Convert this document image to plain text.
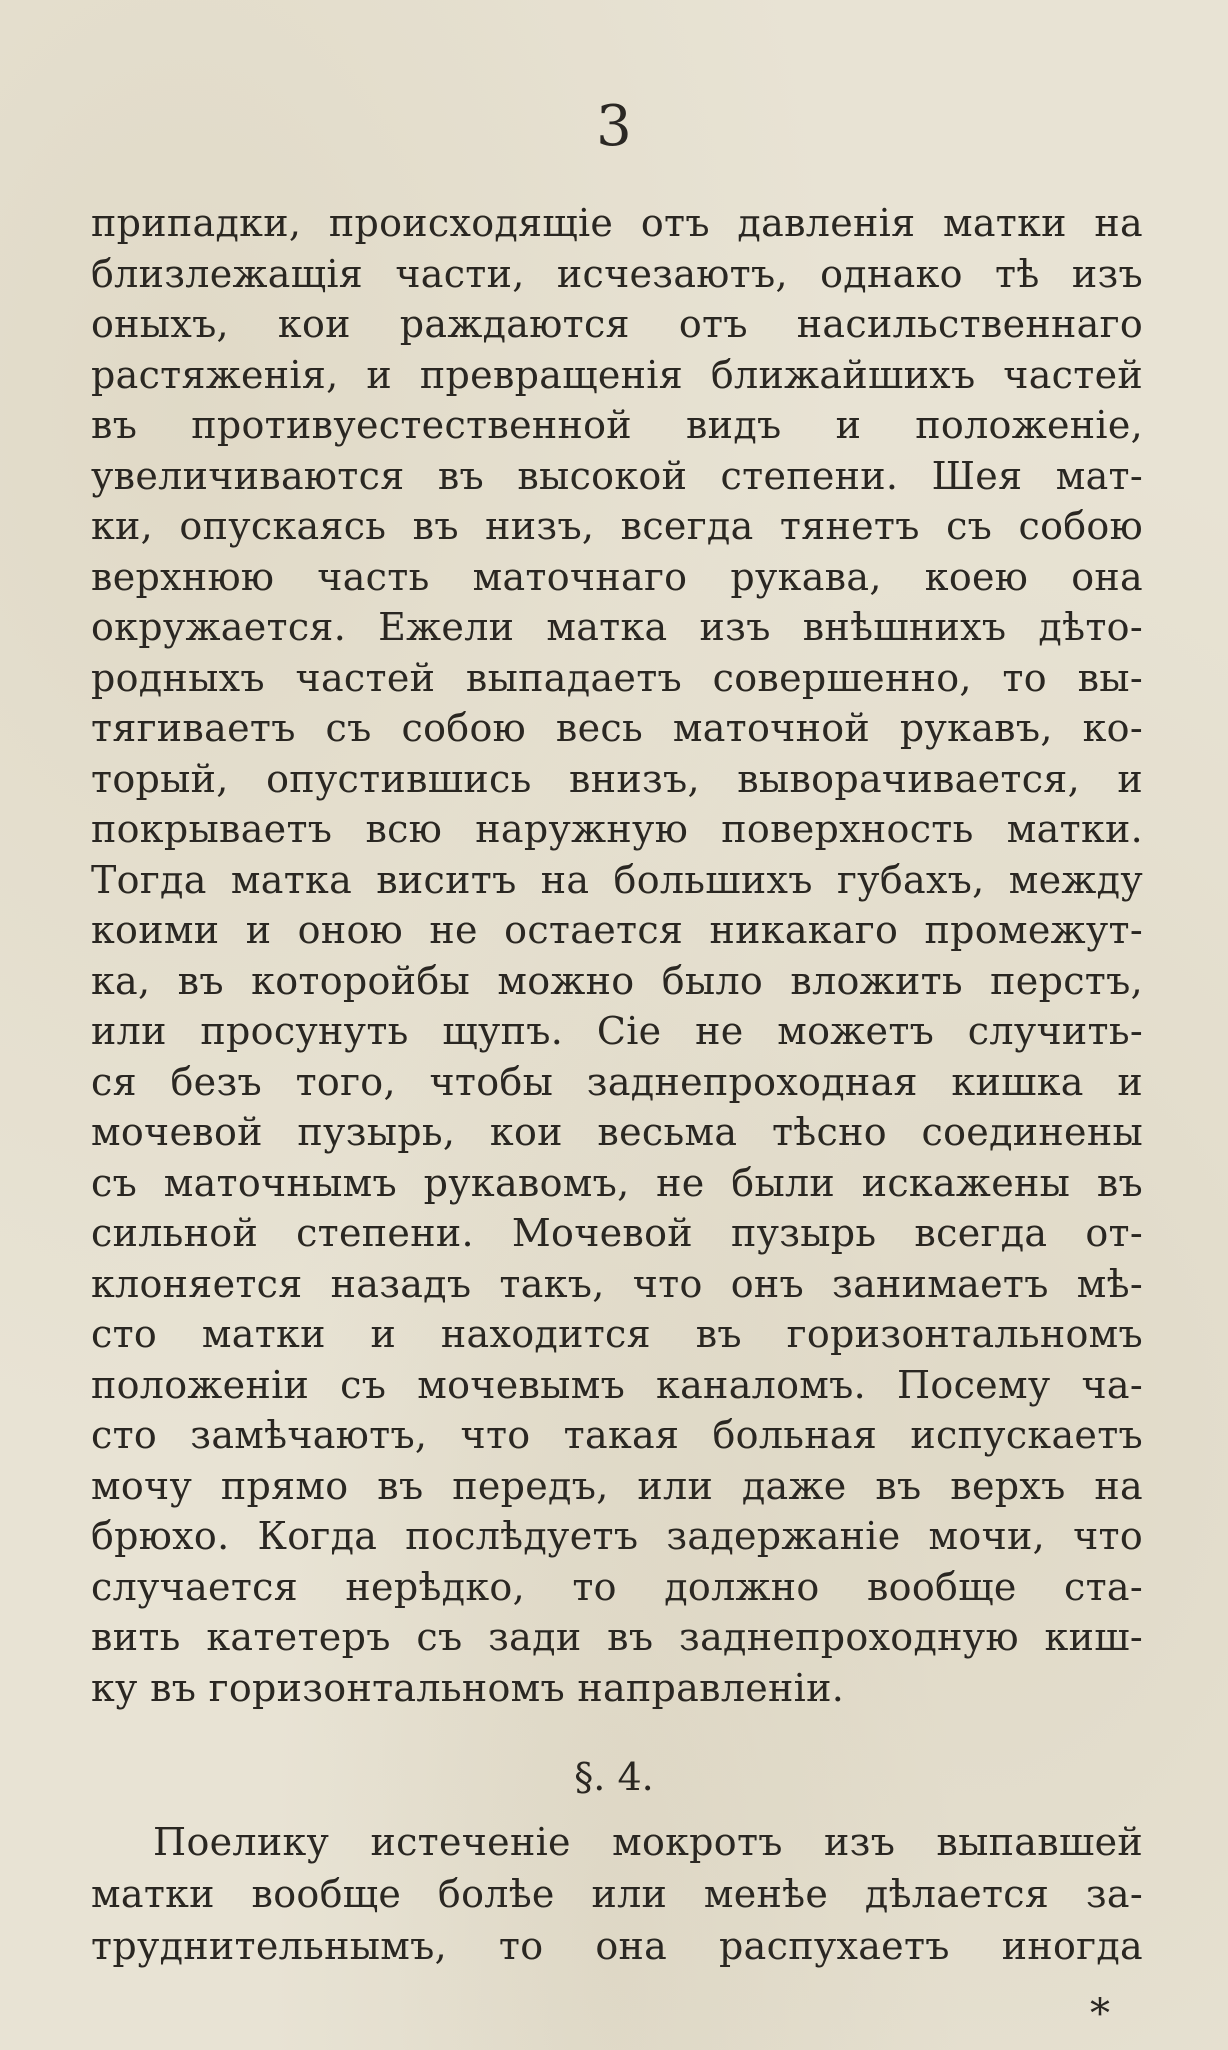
3
припадки, происходящіе отъ давленія матки на
близлежащія части, исчезаютъ, однако тѣ изъ
оныхъ, кои раждаются отъ насильственнаго
растяженія, и превращенія ближайшихъ частей
въ противуестественной видъ и положеніе,
увеличиваются въ высокой степени. Шея мат-
ки, опускаясь въ низъ, всегда тянетъ съ собою
верхнюю часть маточнаго рукава, коею она
окружается. Ежели матка изъ внѣшнихъ дѣто-
родныхъ частей выпадаетъ совершенно, то вы-
тягиваетъ съ собою весь маточной рукавъ, ко-
торый, опустившись внизъ, выворачивается, и
покрываетъ всю наружную поверхность матки.
Тогда матка виситъ на большихъ губахъ, между
коими и оною не остается никакаго промежут-
ка, въ которойбы можно было вложить перстъ,
или просунуть щупъ. Сіе не можетъ случить-
ся безъ того, чтобы заднепроходная кишка и
мочевой пузырь, кои весьма тѣсно соединены
съ маточнымъ рукавомъ, не были искажены въ
сильной степени. Мочевой пузырь всегда от-
клоняется назадъ такъ, что онъ занимаетъ мѣ-
сто матки и находится въ горизонтальномъ
положеніи съ мочевымъ каналомъ. Посему ча-
сто замѣчаютъ, что такая больная испускаетъ
мочу прямо въ передъ, или даже въ верхъ на
брюхо. Когда послѣдуетъ задержаніе мочи, что
случается нерѣдко, то должно вообще ста-
вить катетеръ съ зади въ заднепроходную киш-
ку въ горизонтальномъ направленіи.
§. 4.
Поелику истеченіе мокротъ изъ выпавшей
матки вообще болѣе или менѣе дѣлается за-
труднительнымъ, то она распухаетъ иногда
*
